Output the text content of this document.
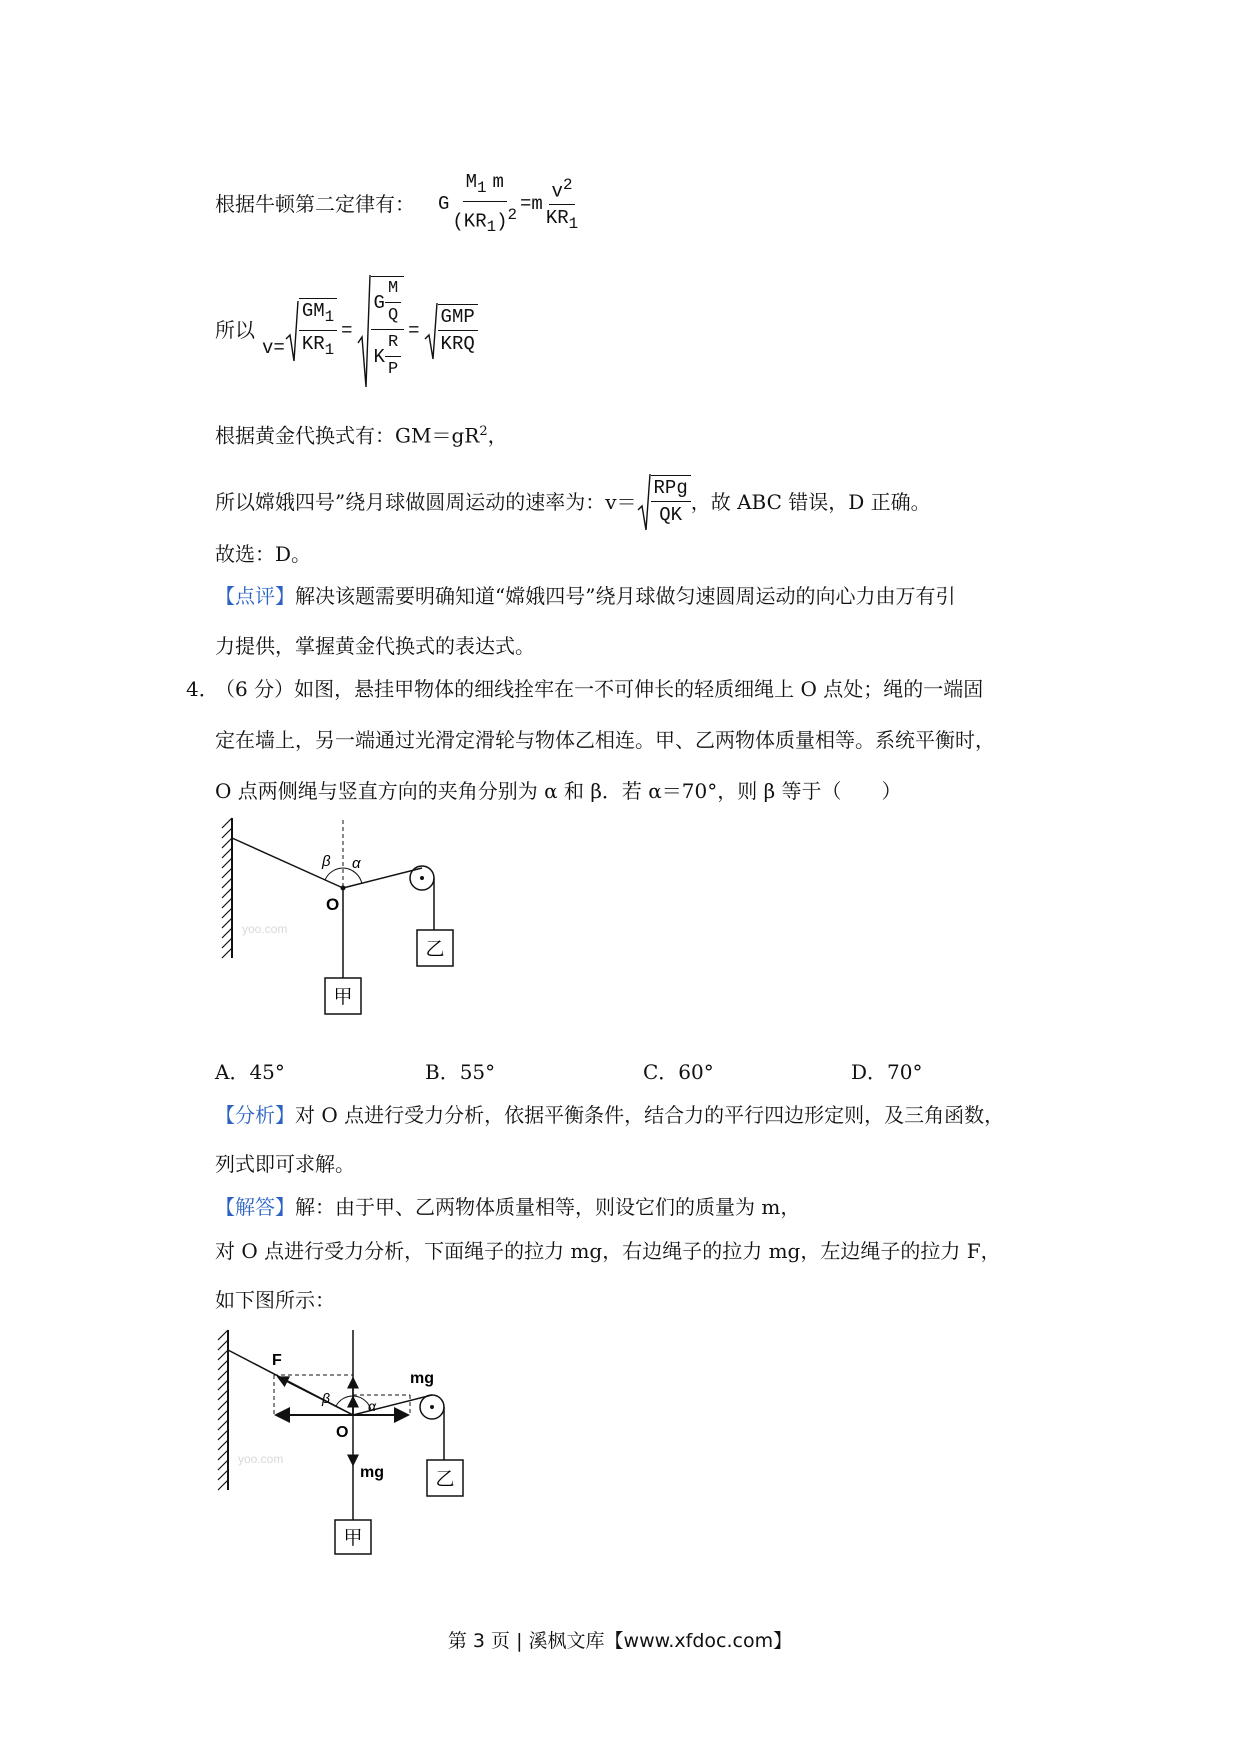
根据牛顿第二定律有： G $\frac{M_1 m}{(KR_1)^2} =m \frac{v^2}{KR_1}$
所以
$v= \frac{GM_1}{KR_1} = \frac{G \frac{M}{Q}}{K \frac{R}{P}} = \frac{\text{GMP}}{\text{KRQ}}$
根据黄金代换式有：$GM=gR^2$，
所以嫦娥四号”绕月球做圆周运动的速率为：$v= \frac{\text{RPg}}{QK}$ ，故 ABC 错误，D 正确。
故选：D。
【点评】解决该题需要明确知道“嫦娥四号”绕月球做匀速圆周运动的向心力由万有引
力提供，掌握黄金代换式的表达式。
4．
（6 分）如图，悬挂甲物体的细线拴牢在一不可伸长的轻质细绳上 O 点处；绳的一端固
定在墙上，另一端通过光滑定滑轮与物体乙相连。甲、乙两物体质量相等。系统平衡时，
O 点两侧绳与竖直方向的夹角分别为 α 和 β．若 α＝70°，则 β 等于（　　）
乙
甲
β α
O
yoo.com
A．45°	B．55°	C．60°	D．70°
【分析】对 O 点进行受力分析，依据平衡条件，结合力的平行四边形定则，及三角函数，
列式即可求解。
【解答】解：由于甲、乙两物体质量相等，则设它们的质量为 m，
对 O 点进行受力分析，下面绳子的拉力 mg，右边绳子的拉力 mg，左边绳子的拉力 F，
如下图所示：
乙
甲
F
mg
mg
β	α
O
yoo.com
第 3 页 | 溪枫文库【www.xfdoc.com】
